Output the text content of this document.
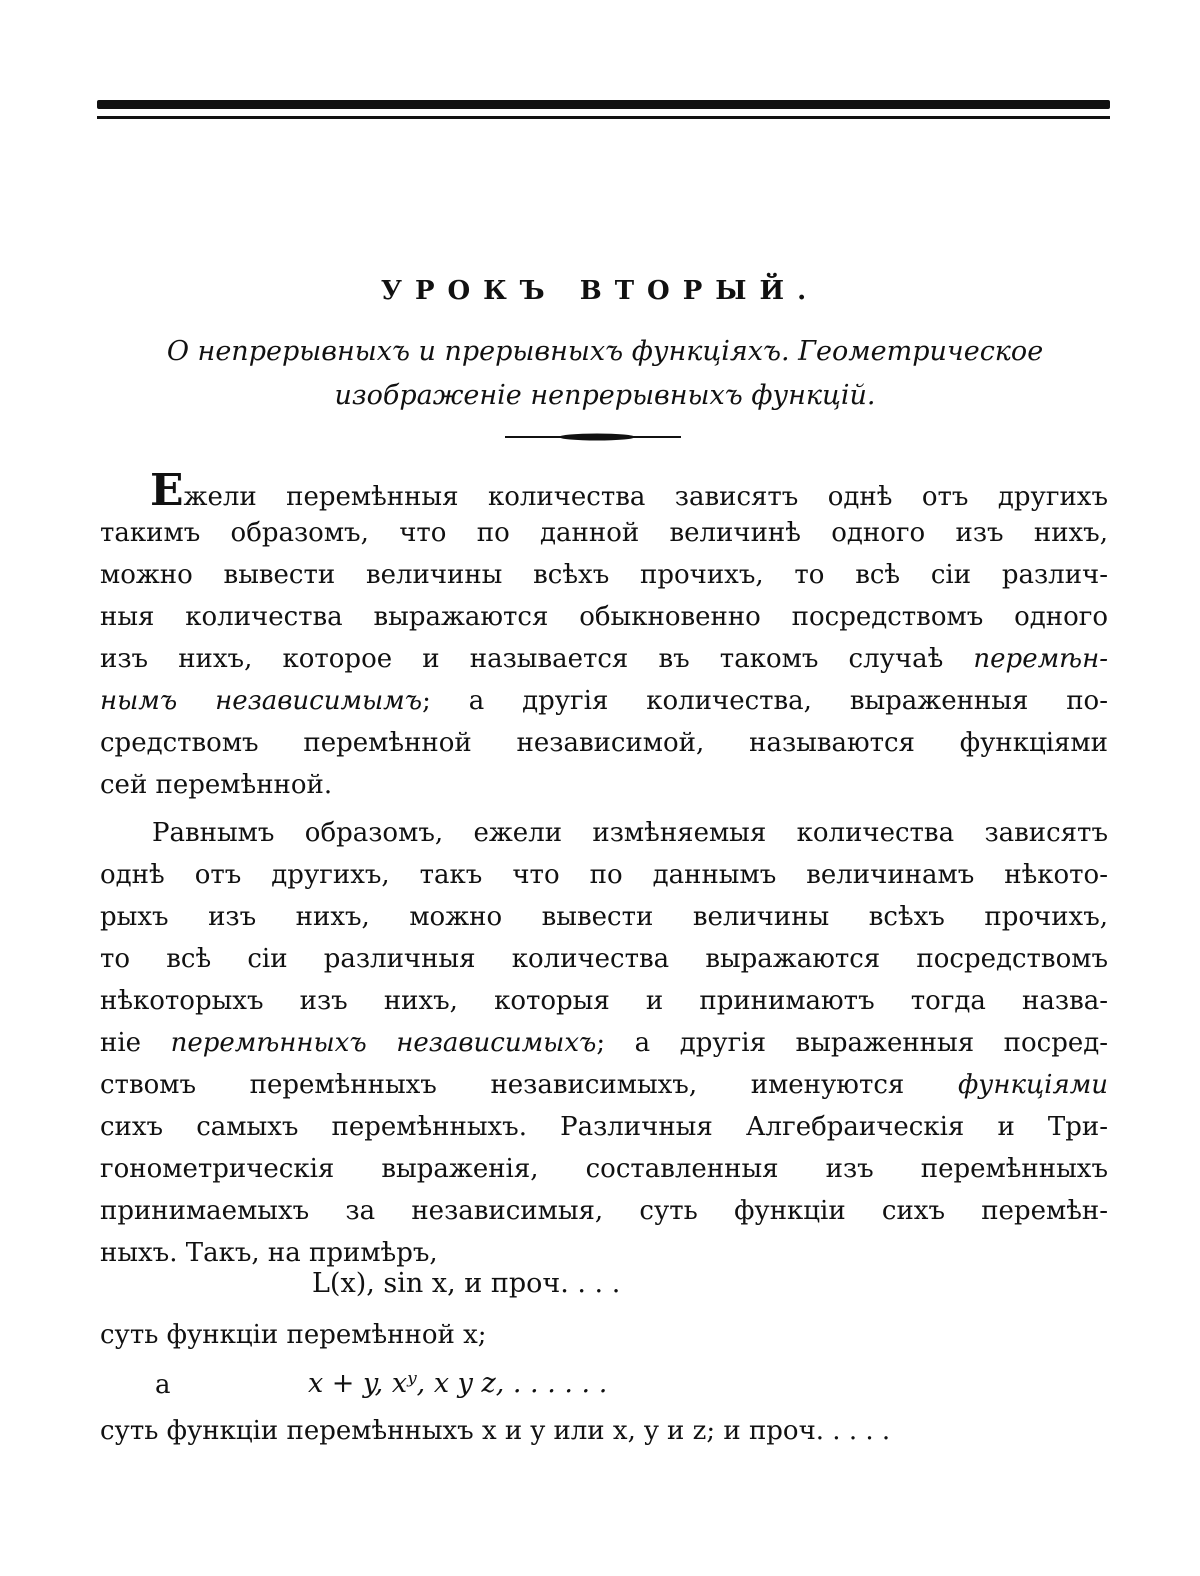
УРОКЪ ВТОРЫЙ.
О непрерывныхъ и прерывныхъ функціяхъ. Геометрическое
изображеніе непрерывныхъ функцій.
Ежели перемѣнныя количества зависятъ однѣ отъ другихъ
такимъ образомъ, что по данной величинѣ одного изъ нихъ,
можно вывести величины всѣхъ прочихъ, то всѣ сіи различ-
ныя количества выражаются обыкновенно посредствомъ одного
изъ нихъ, которое и называется въ такомъ случаѣ перемѣн-
нымъ независимымъ; а другія количества, выраженныя по-
средствомъ перемѣнной независимой, называются функціями
сей перемѣнной.
Равнымъ образомъ, ежели измѣняемыя количества зависятъ
однѣ отъ другихъ, такъ что по даннымъ величинамъ нѣкото-
рыхъ изъ нихъ, можно вывести величины всѣхъ прочихъ,
то всѣ сіи различныя количества выражаются посредствомъ
нѣкоторыхъ изъ нихъ, которыя и принимаютъ тогда назва-
ніе перемѣнныхъ независимыхъ; а другія выраженныя посред-
ствомъ перемѣнныхъ независимыхъ, именуются функціями
сихъ самыхъ перемѣнныхъ. Различныя Алгебраическія и Три-
гонометрическія выраженія, составленныя изъ перемѣнныхъ
принимаемыхъ за независимыя, суть функціи сихъ перемѣн-
ныхъ. Такъ, на примѣръ,
L(x), sin x, и проч. . . .
суть функціи перемѣнной x;
а	x + y, xʸ, x y z, . . . . . .
суть функціи перемѣнныхъ x и y или x, y и z; и проч. . . . .
